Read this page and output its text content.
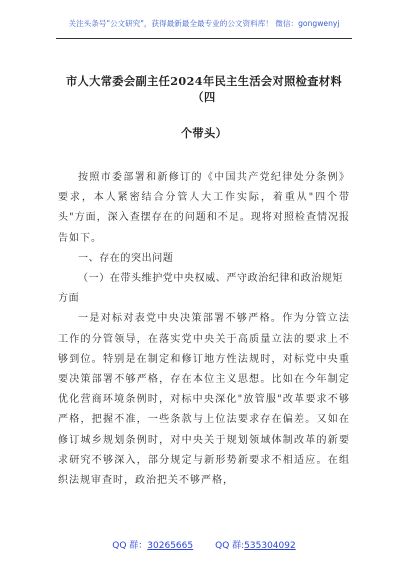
关注头条号"公文研究"，获得最新最全最专业的公文资料库！ 微信：gongwenyj
市人大常委会副主任2024年民主生活会对照检查材料（四
个带头）

按照市委部署和新修订的《中国共产党纪律处分条例》要求，本人紧密结合分管人大工作实际，着重从"四个带头"方面，深入查摆存在的问题和不足。现将对照检查情况报告如下。

一、存在的突出问题

（一）在带头维护党中央权威、严守政治纪律和政治规矩方面

一是对标对表党中央决策部署不够严格。作为分管立法工作的分管领导，在落实党中央关于高质量立法的要求上不够到位。特别是在制定和修订地方性法规时，对标党中央重要决策部署不够严格，存在本位主义思想。比如在今年制定优化营商环境条例时，对标中央深化"放管服"改革要求不够严格，把握不准，一些条款与上位法要求存在偏差。又如在修订城乡规划条例时，对中央关于规划领域体制改革的新要求研究不够深入，部分规定与新形势新要求不相适应。在组织法规审查时，政治把关不够严格，

QQ 群：30265665 QQ 群:535304092
